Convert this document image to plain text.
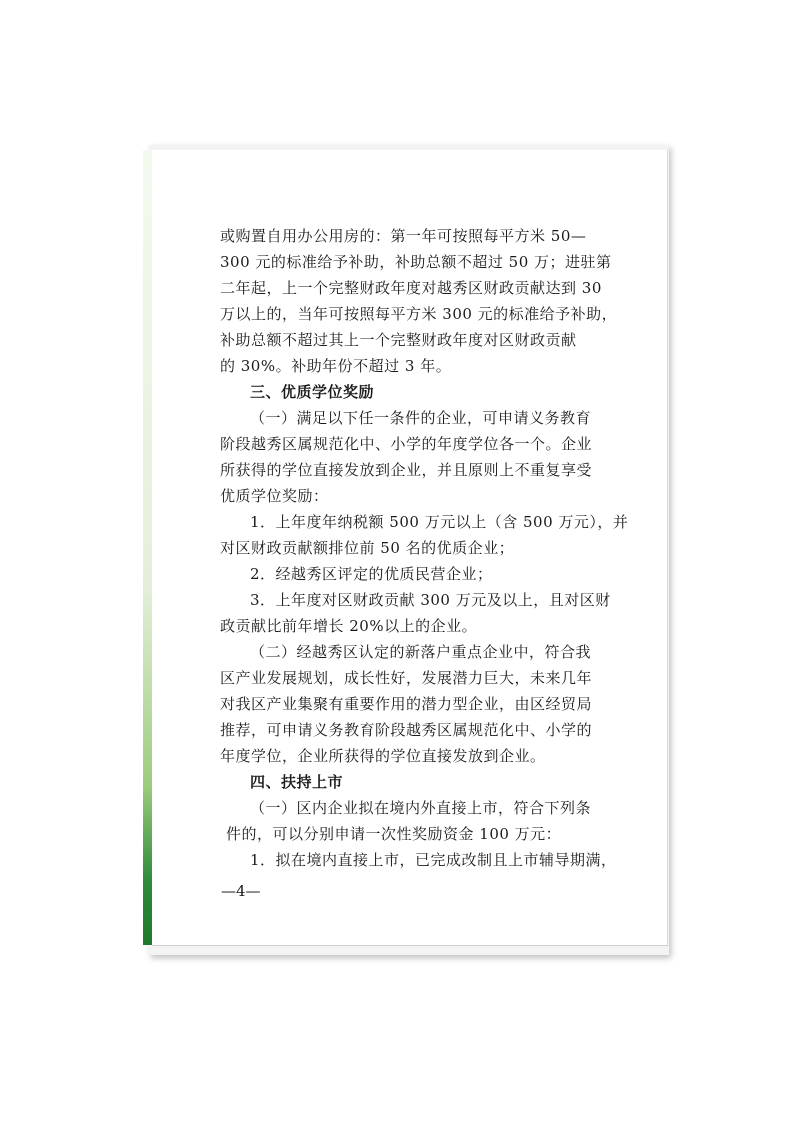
或购置自用办公用房的：第一年可按照每平方米 50—
300 元的标准给予补助，补助总额不超过 50 万；进驻第
二年起，上一个完整财政年度对越秀区财政贡献达到 30
万以上的，当年可按照每平方米 300 元的标准给予补助，
补助总额不超过其上一个完整财政年度对区财政贡献
的 30%。补助年份不超过 3 年。
三、优质学位奖励
（一）满足以下任一条件的企业，可申请义务教育
阶段越秀区属规范化中、小学的年度学位各一个。企业
所获得的学位直接发放到企业，并且原则上不重复享受
优质学位奖励：
1．上年度年纳税额 500 万元以上（含 500 万元），并
对区财政贡献额排位前 50 名的优质企业；
2．经越秀区评定的优质民营企业；
3．上年度对区财政贡献 300 万元及以上，且对区财
政贡献比前年增长 20%以上的企业。
（二）经越秀区认定的新落户重点企业中，符合我
区产业发展规划，成长性好，发展潜力巨大，未来几年
对我区产业集聚有重要作用的潜力型企业，由区经贸局
推荐，可申请义务教育阶段越秀区属规范化中、小学的
年度学位，企业所获得的学位直接发放到企业。
四、扶持上市
（一）区内企业拟在境内外直接上市，符合下列条
件的，可以分别申请一次性奖励资金 100 万元：
1．拟在境内直接上市，已完成改制且上市辅导期满，
—4—
